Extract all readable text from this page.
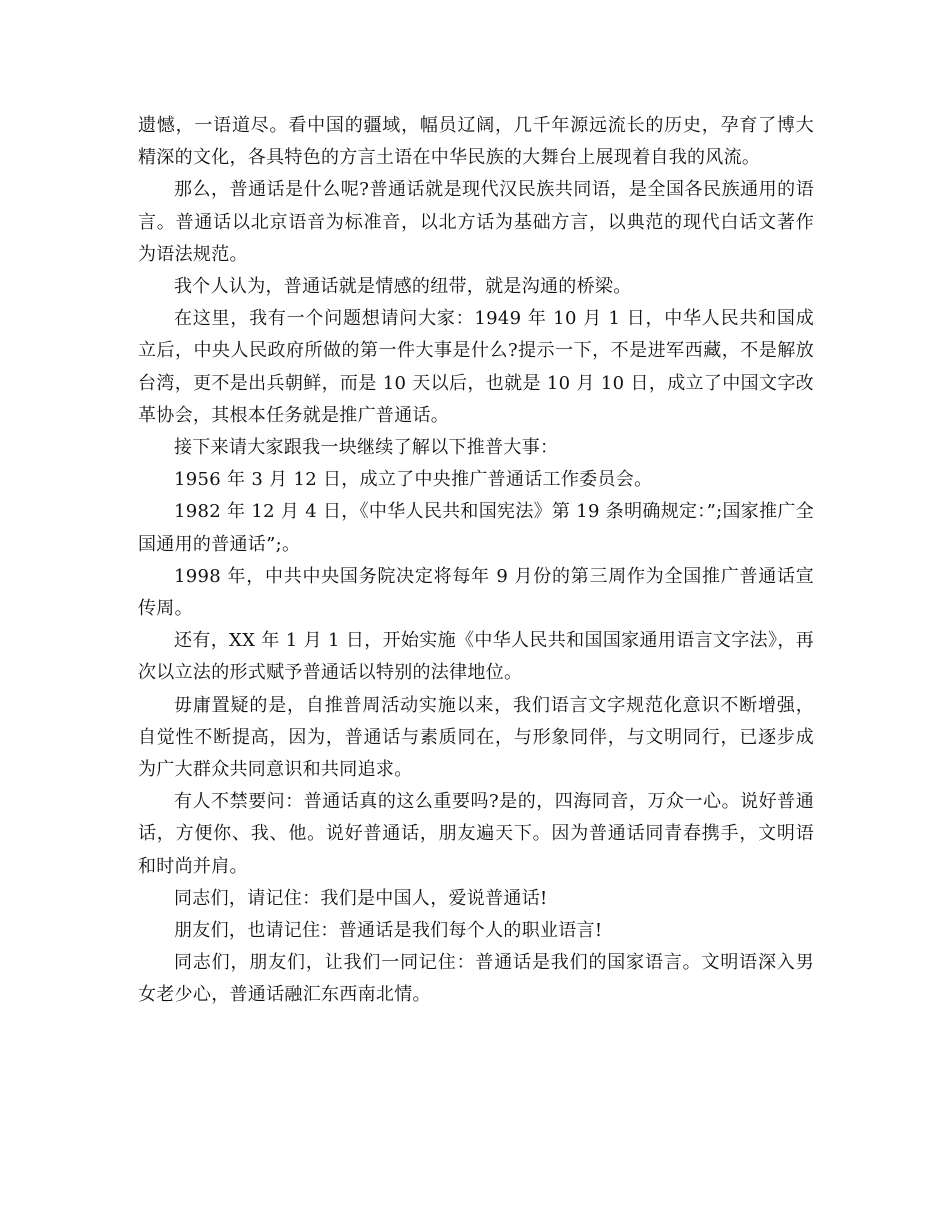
遗憾，一语道尽。看中国的疆域，幅员辽阔，几千年源远流长的历史，孕育了博大精深的文化，各具特色的方言土语在中华民族的大舞台上展现着自我的风流。

那么，普通话是什么呢?普通话就是现代汉民族共同语，是全国各民族通用的语言。普通话以北京语音为标准音，以北方话为基础方言，以典范的现代白话文著作为语法规范。

我个人认为，普通话就是情感的纽带，就是沟通的桥梁。

在这里，我有一个问题想请问大家：1949 年 10 月 1 日，中华人民共和国成立后，中央人民政府所做的第一件大事是什么?提示一下，不是进军西藏，不是解放台湾，更不是出兵朝鲜，而是 10 天以后，也就是 10 月 10 日，成立了中国文字改革协会，其根本任务就是推广普通话。

接下来请大家跟我一块继续了解以下推普大事：

1956 年 3 月 12 日，成立了中央推广普通话工作委员会。

1982 年 12 月 4 日，《中华人民共和国宪法》第 19 条明确规定：”;国家推广全国通用的普通话”;。

1998 年，中共中央国务院决定将每年 9 月份的第三周作为全国推广普通话宣传周。

还有，XX 年 1 月 1 日，开始实施《中华人民共和国国家通用语言文字法》，再次以立法的形式赋予普通话以特别的法律地位。

毋庸置疑的是，自推普周活动实施以来，我们语言文字规范化意识不断增强，自觉性不断提高，因为，普通话与素质同在，与形象同伴，与文明同行，已逐步成为广大群众共同意识和共同追求。

有人不禁要问：普通话真的这么重要吗?是的，四海同音，万众一心。说好普通话，方便你、我、他。说好普通话，朋友遍天下。因为普通话同青春携手，文明语和时尚并肩。

同志们，请记住：我们是中国人，爱说普通话!

朋友们，也请记住：普通话是我们每个人的职业语言!

同志们，朋友们，让我们一同记住：普通话是我们的国家语言。文明语深入男女老少心，普通话融汇东西南北情。
